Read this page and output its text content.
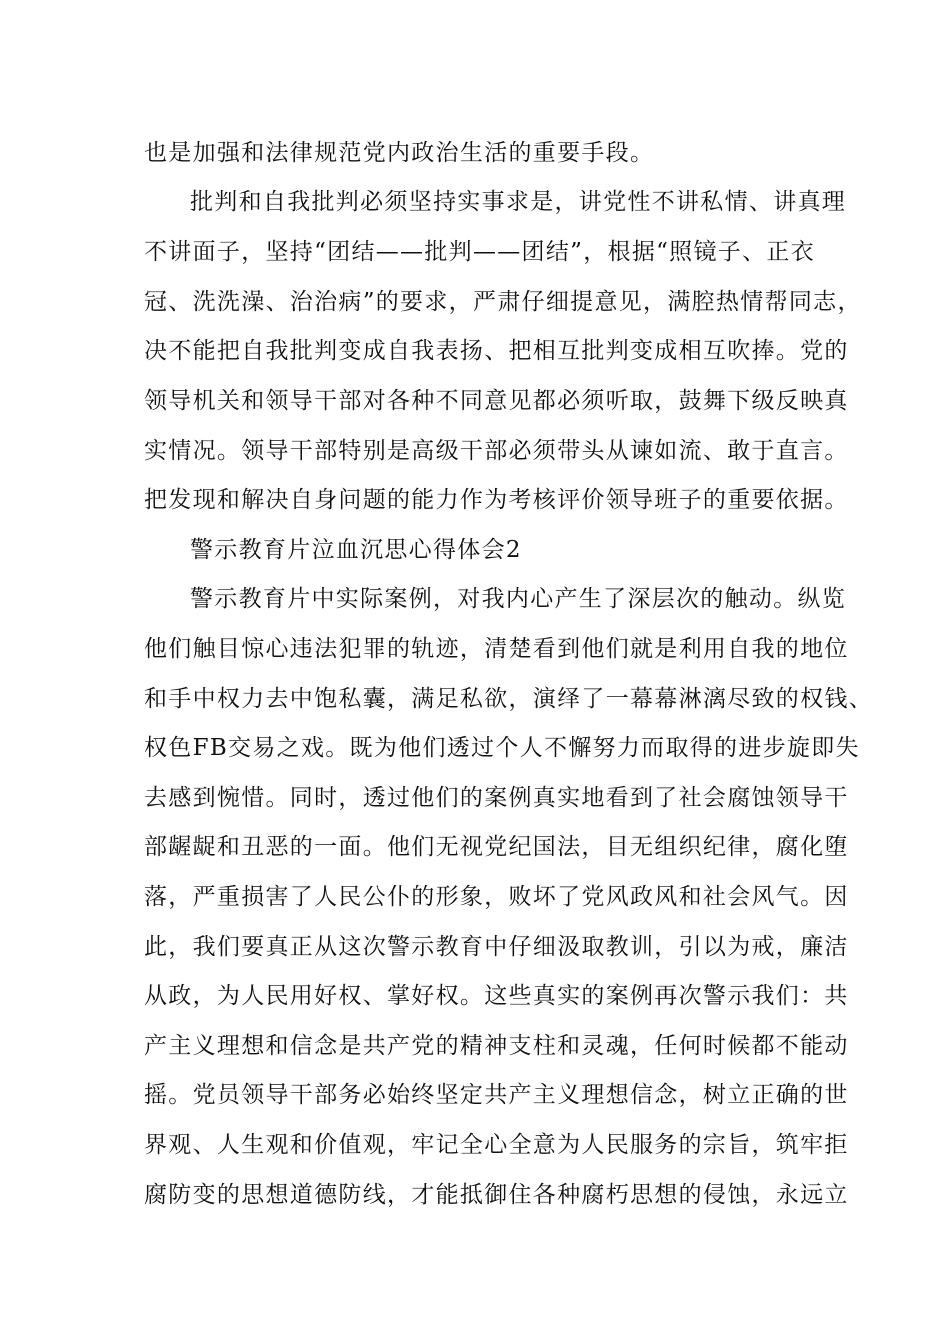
也是加强和法律规范党内政治生活的重要手段。
批判和自我批判必须坚持实事求是，讲党性不讲私情、讲真理
不讲面子，坚持“团结——批判——团结”，根据“照镜子、正衣
冠、洗洗澡、治治病”的要求，严肃仔细提意见，满腔热情帮同志，
决不能把自我批判变成自我表扬、把相互批判变成相互吹捧。党的
领导机关和领导干部对各种不同意见都必须听取，鼓舞下级反映真
实情况。领导干部特别是高级干部必须带头从谏如流、敢于直言。
把发现和解决自身问题的能力作为考核评价领导班子的重要依据。
警示教育片泣血沉思心得体会2
警示教育片中实际案例，对我内心产生了深层次的触动。纵览
他们触目惊心违法犯罪的轨迹，清楚看到他们就是利用自我的地位
和手中权力去中饱私囊，满足私欲，演绎了一幕幕淋漓尽致的权钱、
权色FB交易之戏。既为他们透过个人不懈努力而取得的进步旋即失
去感到惋惜。同时，透过他们的案例真实地看到了社会腐蚀领导干
部龌龊和丑恶的一面。他们无视党纪国法，目无组织纪律，腐化堕
落，严重损害了人民公仆的形象，败坏了党风政风和社会风气。因
此，我们要真正从这次警示教育中仔细汲取教训，引以为戒，廉洁
从政，为人民用好权、掌好权。这些真实的案例再次警示我们：共
产主义理想和信念是共产党的精神支柱和灵魂，任何时候都不能动
摇。党员领导干部务必始终坚定共产主义理想信念，树立正确的世
界观、人生观和价值观，牢记全心全意为人民服务的宗旨，筑牢拒
腐防变的思想道德防线，才能抵御住各种腐朽思想的侵蚀，永远立
